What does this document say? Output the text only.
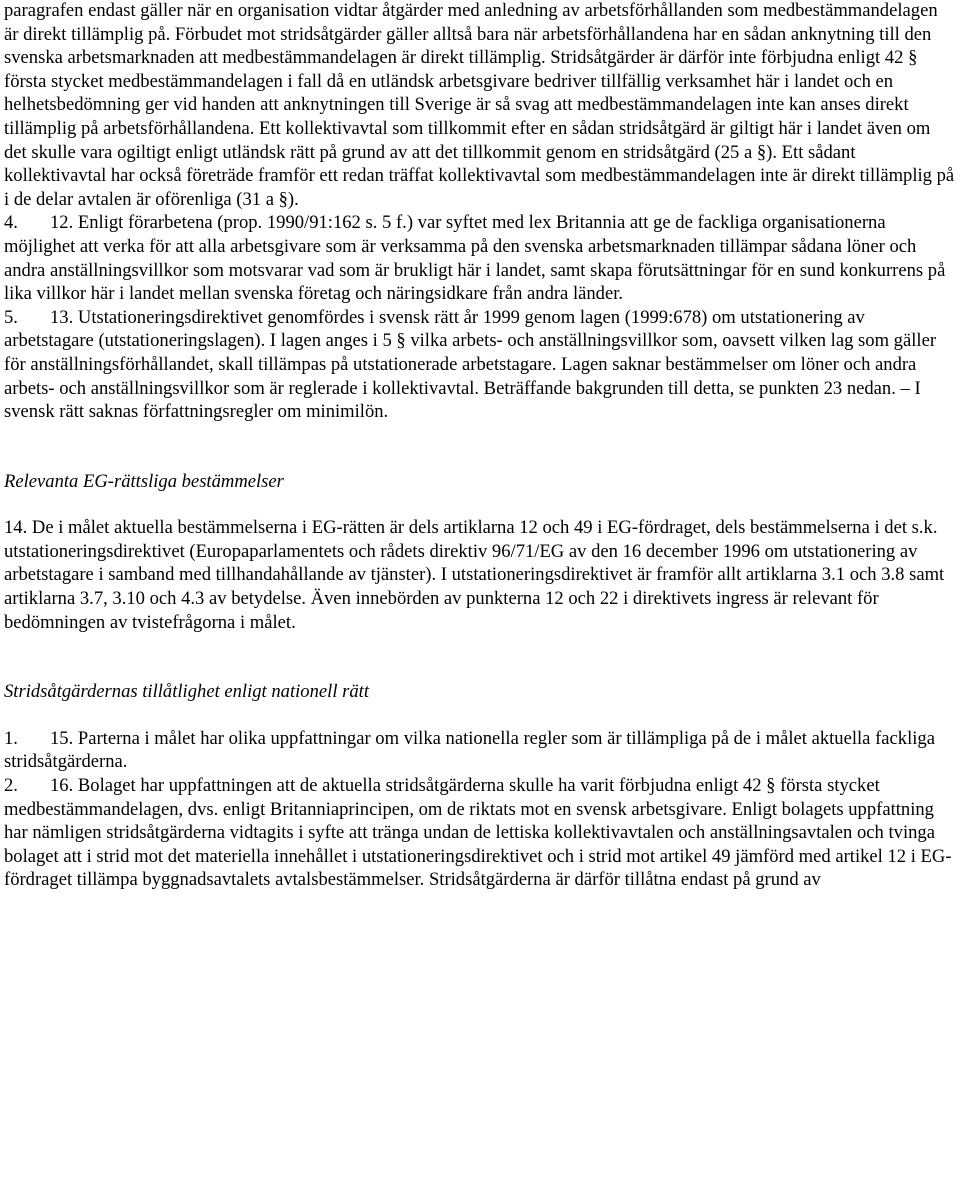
paragrafen endast gäller när en organisation vidtar åtgärder med anledning av arbetsförhållanden som medbestämmandelagen är direkt tillämplig på. Förbudet mot stridsåtgärder gäller alltså bara när arbetsförhållandena har en sådan anknytning till den svenska arbetsmarknaden att medbestämmandelagen är direkt tillämplig. Stridsåtgärder är därför inte förbjudna enligt 42 § första stycket medbestämmandelagen i fall då en utländsk arbetsgivare bedriver tillfällig verksamhet här i landet och en helhetsbedömning ger vid handen att anknytningen till Sverige är så svag att medbestämmandelagen inte kan anses direkt tillämplig på arbetsförhållandena. Ett kollektivavtal som tillkommit efter en sådan stridsåtgärd är giltigt här i landet även om det skulle vara ogiltigt enligt utländsk rätt på grund av att det tillkommit genom en stridsåtgärd (25 a §). Ett sådant kollektivavtal har också företräde framför ett redan träffat kollektivavtal som medbestämmandelagen inte är direkt tillämplig på i de delar avtalen är oförenliga (31 a §).

4. 12. Enligt förarbetena (prop. 1990/91:162 s. 5 f.) var syftet med lex Britannia att ge de fackliga organisationerna möjlighet att verka för att alla arbetsgivare som är verksamma på den svenska arbetsmarknaden tillämpar sådana löner och andra anställningsvillkor som motsvarar vad som är brukligt här i landet, samt skapa förutsättningar för en sund konkurrens på lika villkor här i landet mellan svenska företag och näringsidkare från andra länder.

5. 13. Utstationeringsdirektivet genomfördes i svensk rätt år 1999 genom lagen (1999:678) om utstationering av arbetstagare (utstationeringslagen). I lagen anges i 5 § vilka arbets- och anställningsvillkor som, oavsett vilken lag som gäller för anställningsförhållandet, skall tillämpas på utstationerade arbetstagare. Lagen saknar bestämmelser om löner och andra arbets- och anställningsvillkor som är reglerade i kollektivavtal. Beträffande bakgrunden till detta, se punkten 23 nedan. – I svensk rätt saknas författningsregler om minimilön.

Relevanta EG-rättsliga bestämmelser

14. De i målet aktuella bestämmelserna i EG-rätten är dels artiklarna 12 och 49 i EG-fördraget, dels bestämmelserna i det s.k. utstationeringsdirektivet (Europaparlamentets och rådets direktiv 96/71/EG av den 16 december 1996 om utstationering av arbetstagare i samband med tillhandahållande av tjänster). I utstationeringsdirektivet är framför allt artiklarna 3.1 och 3.8 samt artiklarna 3.7, 3.10 och 4.3 av betydelse. Även innebörden av punkterna 12 och 22 i direktivets ingress är relevant för bedömningen av tvistefrågorna i målet.

Stridsåtgärdernas tillåtlighet enligt nationell rätt

1. 15. Parterna i målet har olika uppfattningar om vilka nationella regler som är tillämpliga på de i målet aktuella fackliga stridsåtgärderna.

2. 16. Bolaget har uppfattningen att de aktuella stridsåtgärderna skulle ha varit förbjudna enligt 42 § första stycket medbestämmandelagen, dvs. enligt Britanniaprincipen, om de riktats mot en svensk arbetsgivare. Enligt bolagets uppfattning har nämligen stridsåtgärderna vidtagits i syfte att tränga undan de lettiska kollektivavtalen och anställningsavtalen och tvinga bolaget att i strid mot det materiella innehållet i utstationeringsdirektivet och i strid mot artikel 49 jämförd med artikel 12 i EG-fördraget tillämpa byggnadsavtalets avtalsbestämmelser. Stridsåtgärderna är därför tillåtna endast på grund av
